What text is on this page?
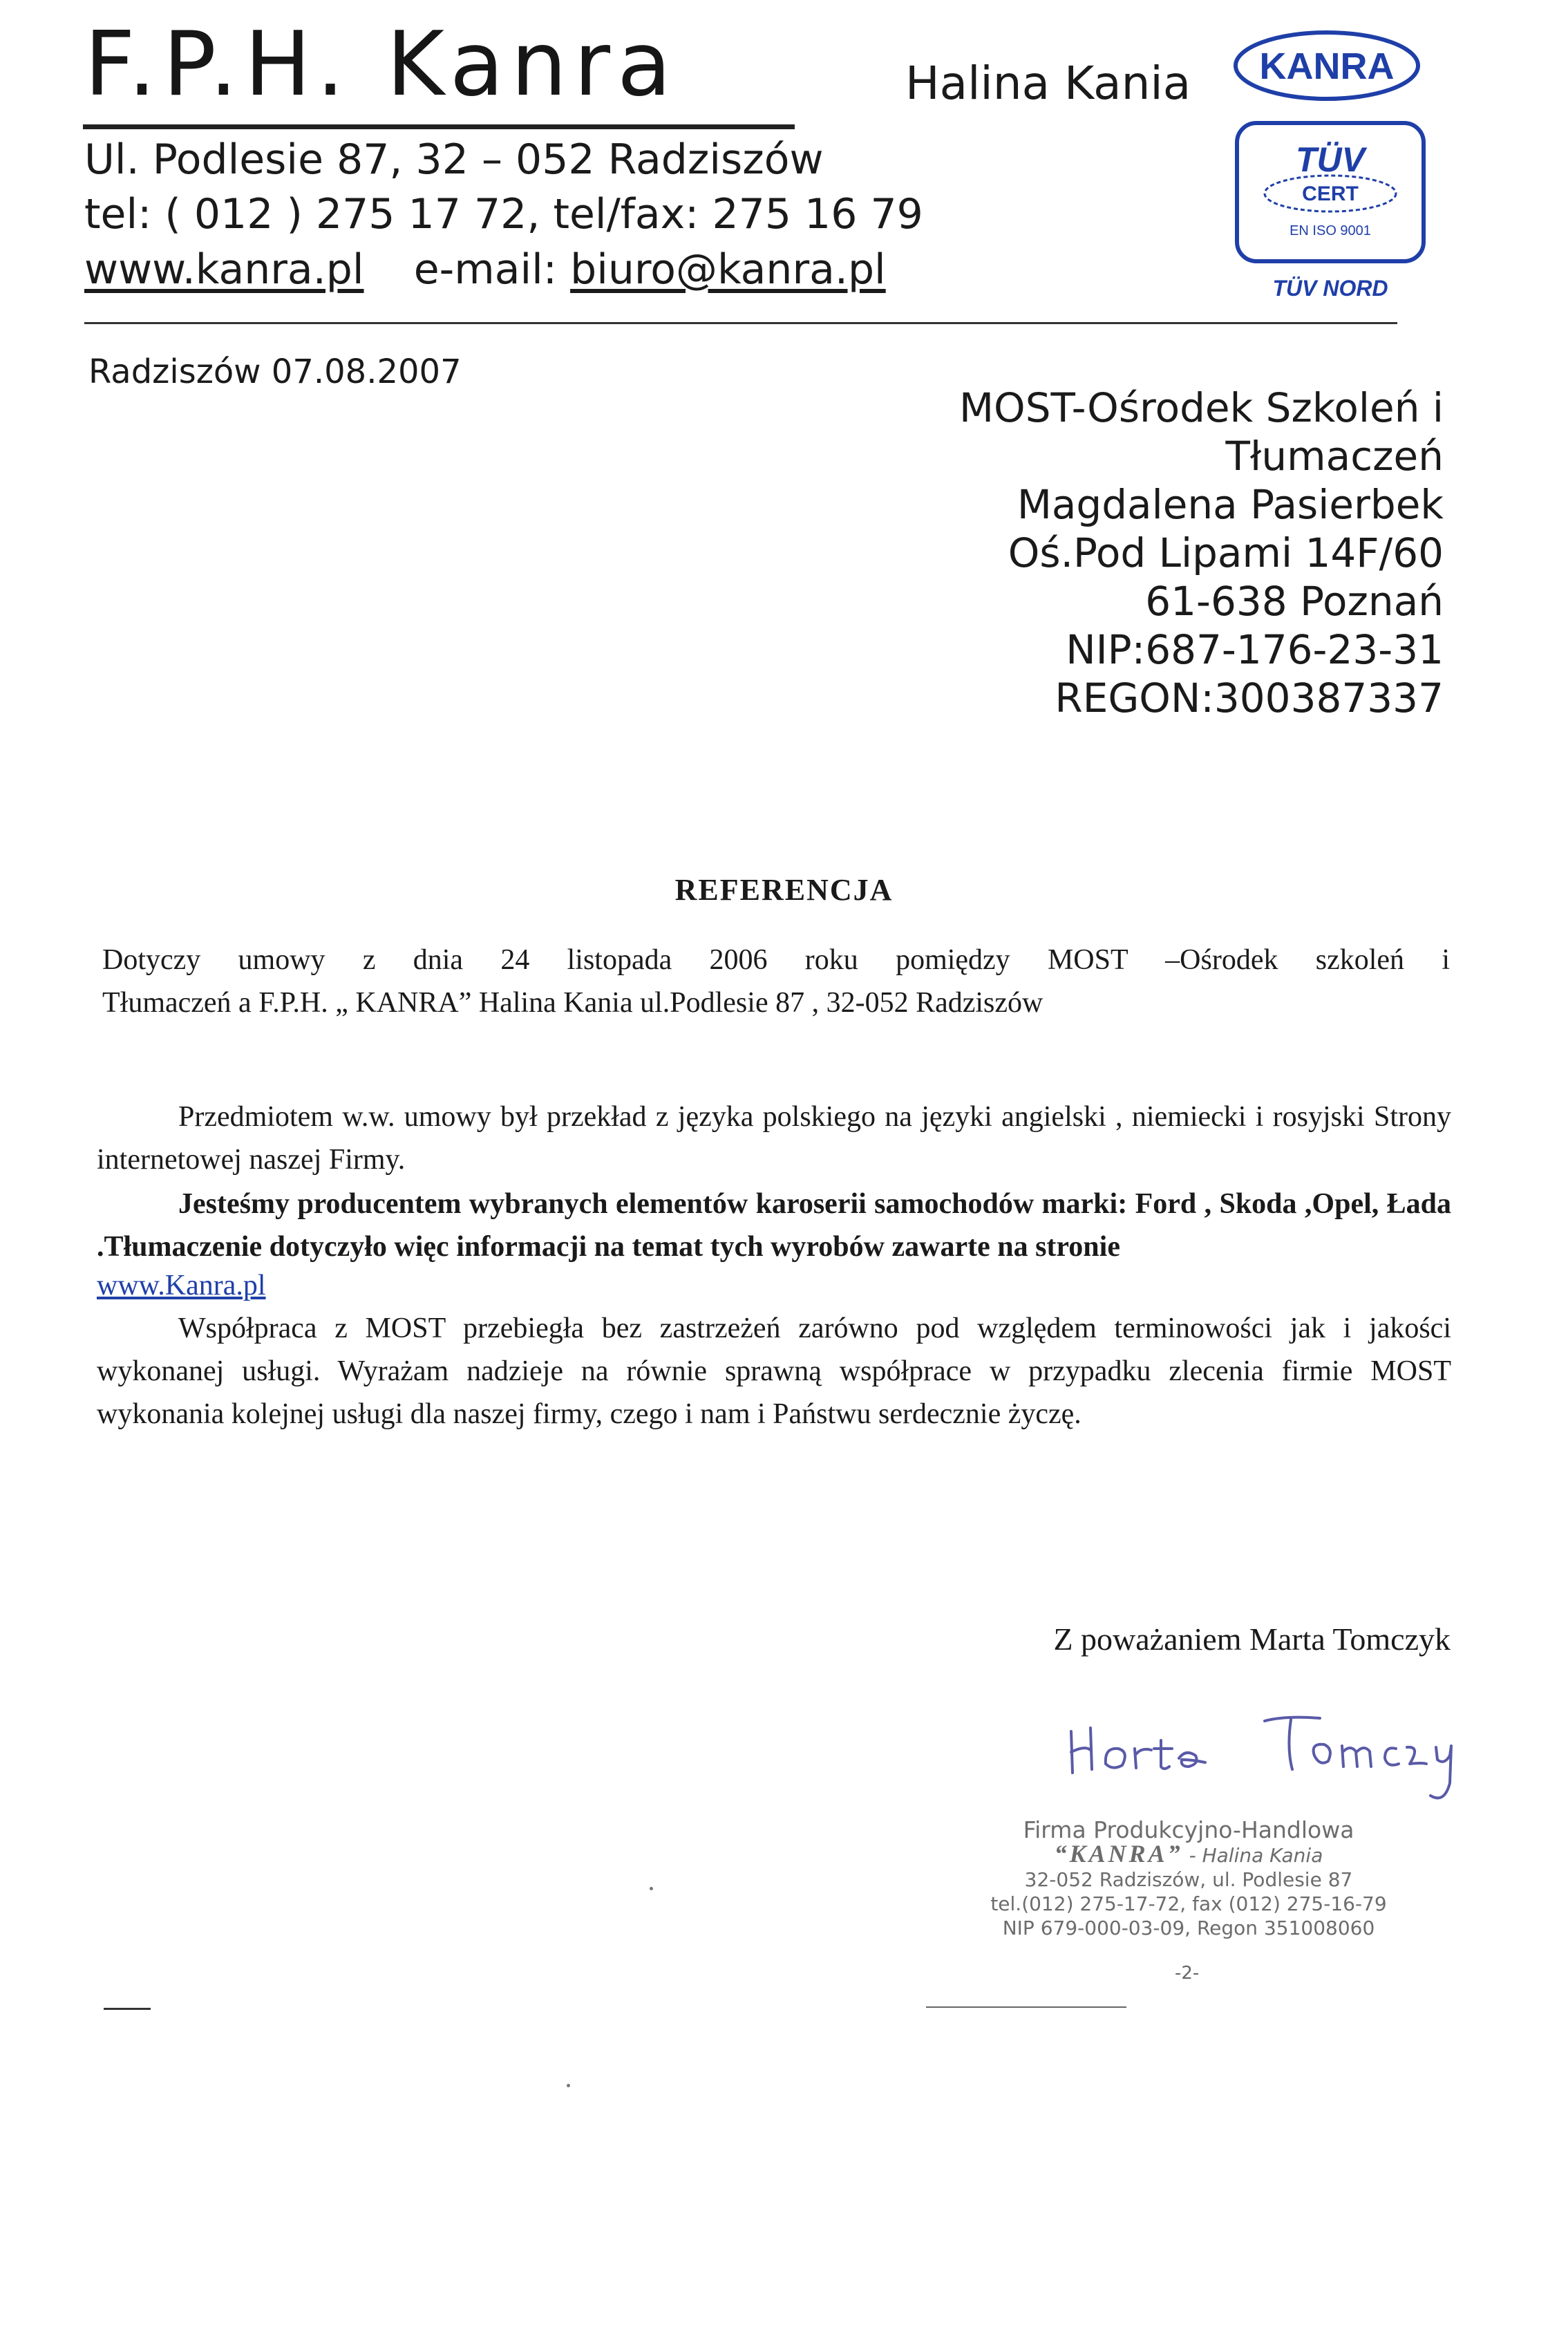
F.P.H. Kanra	Halina Kania
Ul. Podlesie 87, 32 – 052 Radziszów
tel: ( 012 ) 275 17 72, tel/fax: 275 16 79
www.kanra.pl e-mail: biuro@kanra.pl
KANRA
TÜV
CERT
EN ISO 9001
TÜV NORD
Radziszów 07.08.2007
MOST-Ośrodek Szkoleń i
Tłumaczeń
Magdalena Pasierbek
Oś.Pod Lipami 14F/60
61-638 Poznań
NIP:687-176-23-31
REGON:300387337
REFERENCJA
Dotyczy umowy z dnia 24 listopada 2006 roku pomiędzy MOST –Ośrodek szkoleń i
Tłumaczeń a F.P.H. „ KANRA” Halina Kania ul.Podlesie 87 , 32-052 Radziszów

Przedmiotem w.w. umowy był przekład z języka polskiego na języki angielski , niemiecki i rosyjski Strony internetowej naszej Firmy.

Jesteśmy producentem wybranych elementów karoserii samochodów marki: Ford , Skoda ,Opel, Łada .Tłumaczenie dotyczyło więc informacji na temat tych wyrobów zawarte na stronie

www.Kanra.pl

Współpraca z MOST przebiegła bez zastrzeżeń zarówno pod względem terminowości jak i jakości wykonanej usługi. Wyrażam nadzieje na równie sprawną współprace w przypadku zlecenia firmie MOST wykonania kolejnej usługi dla naszej firmy, czego i nam i Państwu serdecznie życzę.

Z poważaniem Marta Tomczyk
Firma Produkcyjno-Handlowa
“KANRA” - Halina Kania
32-052 Radziszów, ul. Podlesie 87
tel.(012) 275-17-72, fax (012) 275-16-79
NIP 679-000-03-09, Regon 351008060
-2-
